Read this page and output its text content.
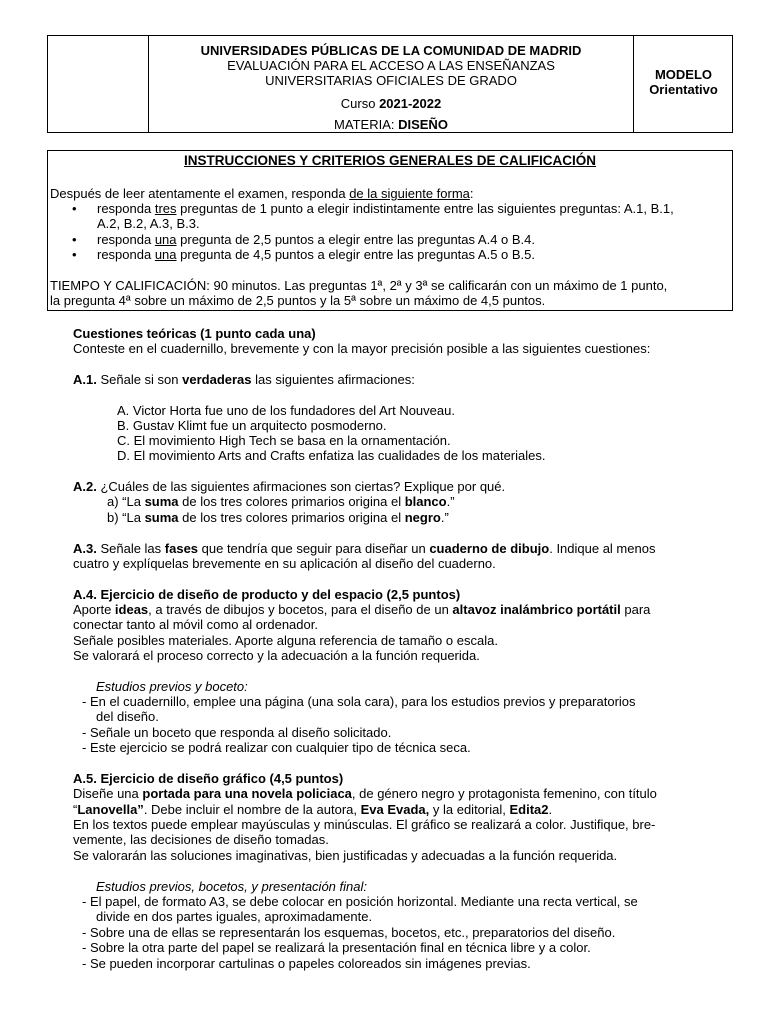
UNIVERSIDADES PÚBLICAS DE LA COMUNIDAD DE MADRID
EVALUACIÓN PARA EL ACCESO A LAS ENSEÑANZAS
UNIVERSITARIAS OFICIALES DE GRADO
Curso 2021-2022
MATERIA: DISEÑO
MODELO
Orientativo
INSTRUCCIONES Y CRITERIOS GENERALES DE CALIFICACIÓN
Después de leer atentamente el examen, responda de la siguiente forma:
• responda tres preguntas de 1 punto a elegir indistintamente entre las siguientes preguntas: A.1, B.1,
A.2, B.2, A.3, B.3.
• responda una pregunta de 2,5 puntos a elegir entre las preguntas A.4 o B.4.
• responda una pregunta de 4,5 puntos a elegir entre las preguntas A.5 o B.5.
TIEMPO Y CALIFICACIÓN: 90 minutos. Las preguntas 1ª, 2ª y 3ª se calificarán con un máximo de 1 punto,
la pregunta 4ª sobre un máximo de 2,5 puntos y la 5ª sobre un máximo de 4,5 puntos.
Cuestiones teóricas (1 punto cada una)
Conteste en el cuadernillo, brevemente y con la mayor precisión posible a las siguientes cuestiones:
A.1. Señale si son verdaderas las siguientes afirmaciones:
A. Victor Horta fue uno de los fundadores del Art Nouveau.
B. Gustav Klimt fue un arquitecto posmoderno.
C. El movimiento High Tech se basa en la ornamentación.
D. El movimiento Arts and Crafts enfatiza las cualidades de los materiales.
A.2. ¿Cuáles de las siguientes afirmaciones son ciertas? Explique por qué.
a) “La suma de los tres colores primarios origina el blanco.”
b) “La suma de los tres colores primarios origina el negro.”
A.3. Señale las fases que tendría que seguir para diseñar un cuaderno de dibujo. Indique al menos
cuatro y explíquelas brevemente en su aplicación al diseño del cuaderno.
A.4. Ejercicio de diseño de producto y del espacio (2,5 puntos)
Aporte ideas, a través de dibujos y bocetos, para el diseño de un altavoz inalámbrico portátil para
conectar tanto al móvil como al ordenador.
Señale posibles materiales. Aporte alguna referencia de tamaño o escala.
Se valorará el proceso correcto y la adecuación a la función requerida.
Estudios previos y boceto:
- En el cuadernillo, emplee una página (una sola cara), para los estudios previos y preparatorios
del diseño.
- Señale un boceto que responda al diseño solicitado.
- Este ejercicio se podrá realizar con cualquier tipo de técnica seca.
A.5. Ejercicio de diseño gráfico (4,5 puntos)
Diseñe una portada para una novela policiaca, de género negro y protagonista femenino, con título
“Lanovella”. Debe incluir el nombre de la autora, Eva Evada, y la editorial, Edita2.
En los textos puede emplear mayúsculas y minúsculas. El gráfico se realizará a color. Justifique, bre-
vemente, las decisiones de diseño tomadas.
Se valorarán las soluciones imaginativas, bien justificadas y adecuadas a la función requerida.
Estudios previos, bocetos, y presentación final:
- El papel, de formato A3, se debe colocar en posición horizontal. Mediante una recta vertical, se
divide en dos partes iguales, aproximadamente.
- Sobre una de ellas se representarán los esquemas, bocetos, etc., preparatorios del diseño.
- Sobre la otra parte del papel se realizará la presentación final en técnica libre y a color.
- Se pueden incorporar cartulinas o papeles coloreados sin imágenes previas.
